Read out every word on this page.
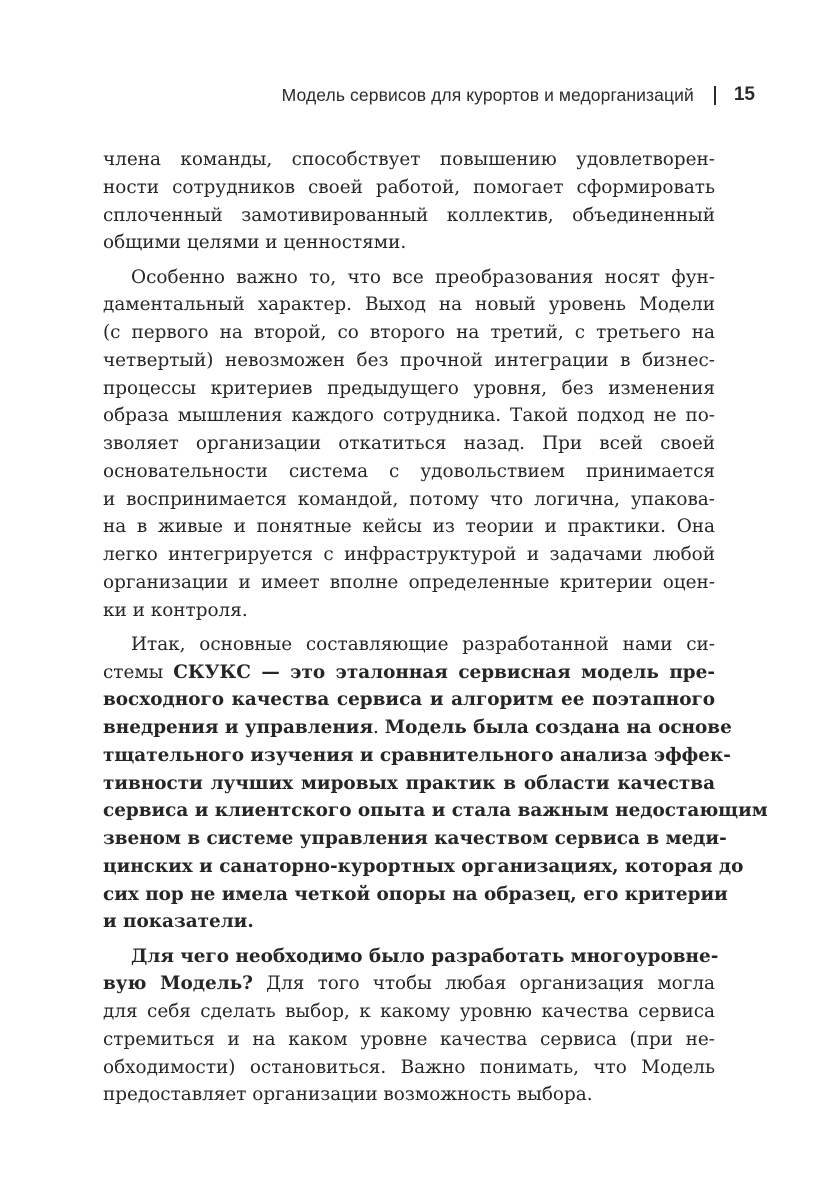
Модель сервисов для курортов и медорганизаций 15
члена команды, способствует повышению удовлетворен-
ности сотрудников своей работой, помогает сформировать
сплоченный замотивированный коллектив, объединенный
общими целями и ценностями.
Особенно важно то, что все преобразования носят фун-
даментальный характер. Выход на новый уровень Модели
(с первого на второй, со второго на третий, с третьего на
четвертый) невозможен без прочной интеграции в бизнес-
процессы критериев предыдущего уровня, без изменения
образа мышления каждого сотрудника. Такой подход не по-
зволяет организации откатиться назад. При всей своей
основательности система с удовольствием принимается
и воспринимается командой, потому что логична, упакова-
на в живые и понятные кейсы из теории и практики. Она
легко интегрируется с инфраструктурой и задачами любой
организации и имеет вполне определенные критерии оцен-
ки и контроля.
Итак, основные составляющие разработанной нами си-
стемы СКУКС — это эталонная сервисная модель пре-
восходного качества сервиса и алгоритм ее поэтапного
внедрения и управления. Модель была создана на основе
тщательного изучения и сравнительного анализа эффек-
тивности лучших мировых практик в области качества
сервиса и клиентского опыта и стала важным недостающим
звеном в системе управления качеством сервиса в меди-
цинских и санаторно-курортных организациях, которая до
сих пор не имела четкой опоры на образец, его критерии
и показатели.
Для чего необходимо было разработать многоуровне-
вую Модель? Для того чтобы любая организация могла
для себя сделать выбор, к какому уровню качества сервиса
стремиться и на каком уровне качества сервиса (при не-
обходимости) остановиться. Важно понимать, что Модель
предоставляет организации возможность выбора.
